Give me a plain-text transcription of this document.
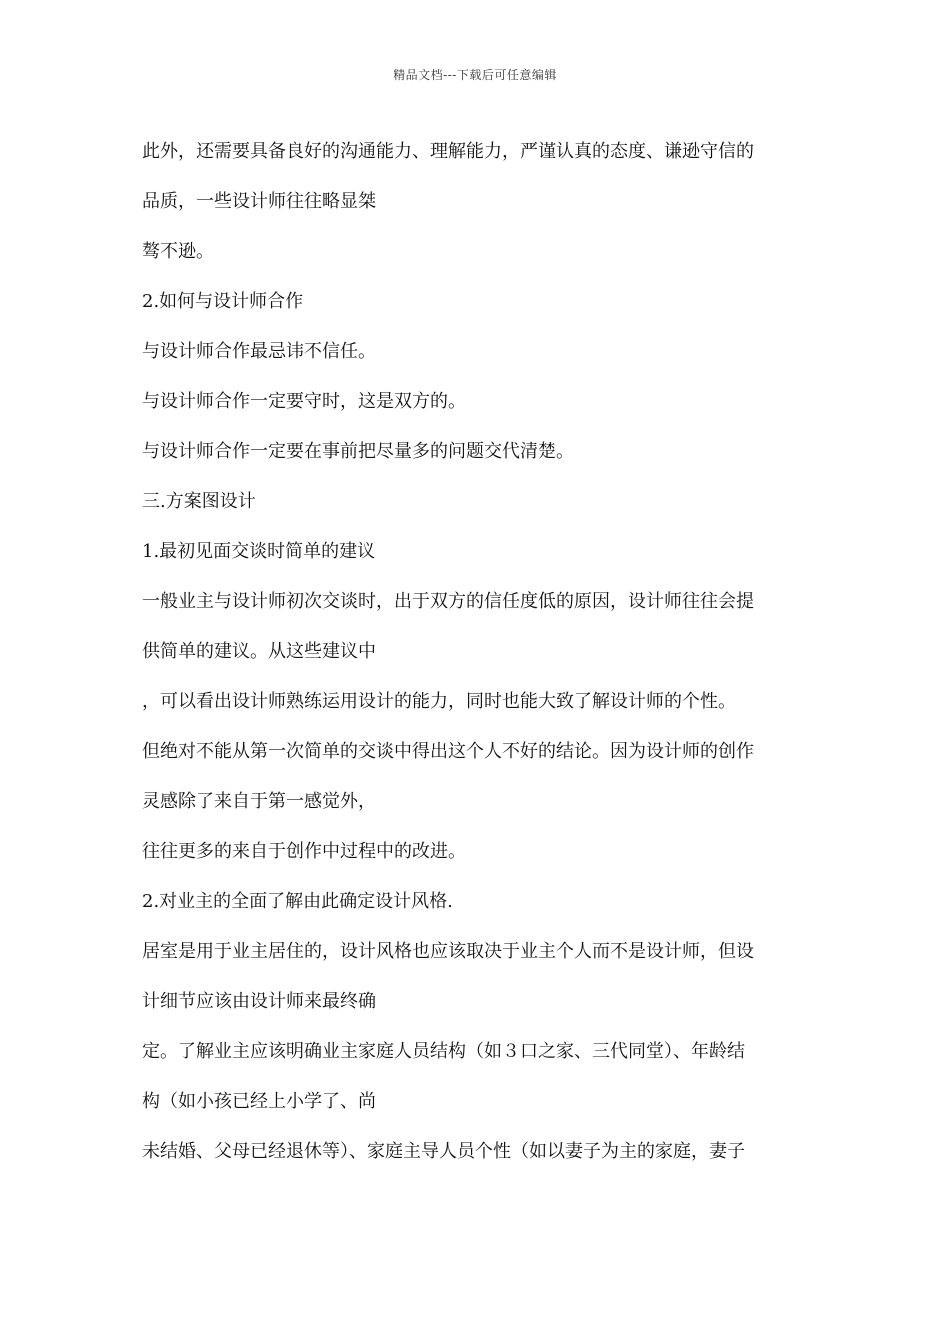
精品文档---下载后可任意编辑
此外，还需要具备良好的沟通能力、理解能力，严谨认真的态度、谦逊守信的
品质，一些设计师往往略显桀
骜不逊。
2.如何与设计师合作
与设计师合作最忌讳不信任。
与设计师合作一定要守时，这是双方的。
与设计师合作一定要在事前把尽量多的问题交代清楚。
三.方案图设计
1.最初见面交谈时简单的建议
一般业主与设计师初次交谈时，出于双方的信任度低的原因，设计师往往会提
供简单的建议。从这些建议中
，可以看出设计师熟练运用设计的能力，同时也能大致了解设计师的个性。
但绝对不能从第一次简单的交谈中得出这个人不好的结论。因为设计师的创作
灵感除了来自于第一感觉外，
往往更多的来自于创作中过程中的改进。
2.对业主的全面了解由此确定设计风格.
居室是用于业主居住的，设计风格也应该取决于业主个人而不是设计师，但设
计细节应该由设计师来最终确
定。了解业主应该明确业主家庭人员结构（如３口之家、三代同堂）、年龄结
构（如小孩已经上小学了、尚
未结婚、父母已经退休等）、家庭主导人员个性（如以妻子为主的家庭，妻子
